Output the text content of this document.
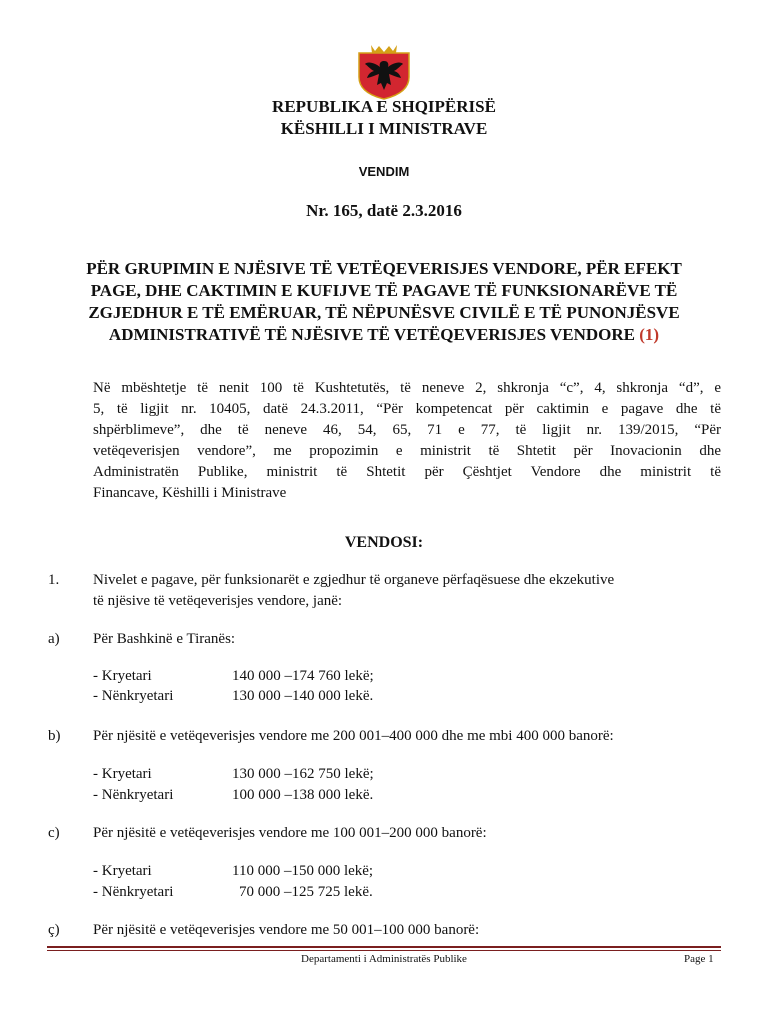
REPUBLIKA E SHQIPËRISË
KËSHILLI I MINISTRAVE
VENDIM
Nr. 165, datë 2.3.2016
PËR GRUPIMIN E NJËSIVE TË VETËQEVERISJES VENDORE, PËR EFEKT
PAGE, DHE CAKTIMIN E KUFIJVE TË PAGAVE TË FUNKSIONARËVE TË
ZGJEDHUR E TË EMËRUAR, TË NËPUNËSVE CIVILË E TË PUNONJËSVE
ADMINISTRATIVË TË NJËSIVE TË VETËQEVERISJES VENDORE (1)
Në mbështetje të nenit 100 të Kushtetutës, të neneve 2, shkronja “c”, 4, shkronja “d”, e
5, të ligjit nr. 10405, datë 24.3.2011, “Për kompetencat për caktimin e pagave dhe të
shpërblimeve”, dhe të neneve 46, 54, 65, 71 e 77, të ligjit nr. 139/2015, “Për
vetëqeverisjen vendore”, me propozimin e ministrit të Shtetit për Inovacionin dhe
Administratën Publike, ministrit të Shtetit për Çështjet Vendore dhe ministrit të
Financave, Këshilli i Ministrave
VENDOSI:
1. Nivelet e pagave, për funksionarët e zgjedhur të organeve përfaqësuese dhe ekzekutive
të njësive të vetëqeverisjes vendore, janë:
a) Për Bashkinë e Tiranës:
- Kryetari	140 000 –174 760 lekë;
- Nënkryetari	130 000 –140 000 lekë.
b) Për njësitë e vetëqeverisjes vendore me 200 001–400 000 dhe me mbi 400 000 banorë:
- Kryetari	130 000 –162 750 lekë;
- Nënkryetari	100 000 –138 000 lekë.
c) Për njësitë e vetëqeverisjes vendore me 100 001–200 000 banorë:
- Kryetari	110 000 –150 000 lekë;
- Nënkryetari	70 000 –125 725 lekë.
ç) Për njësitë e vetëqeverisjes vendore me 50 001–100 000 banorë:
Departamenti i Administratës Publike	Page 1
